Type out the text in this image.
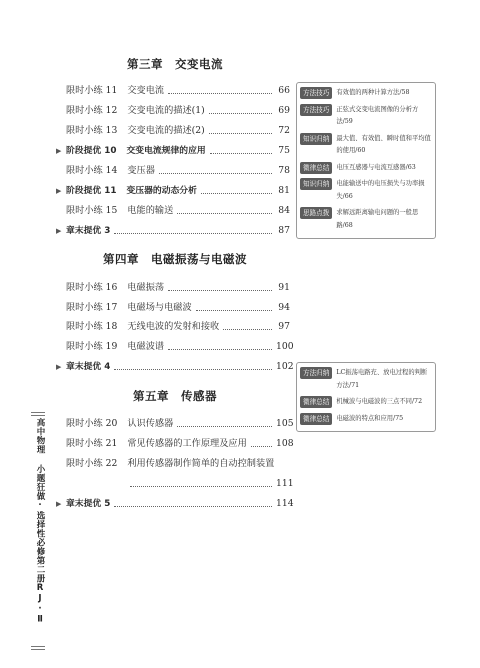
第三章　交变电流
第四章　电磁振荡与电磁波
第五章　传感器
限时小练 11 交变电流	66
限时小练 12 交变电流的描述(1)	69
限时小练 13 交变电流的描述(2)	72
▶ 阶段提优 10 交变电流规律的应用	75
限时小练 14 变压器	78
▶ 阶段提优 11 变压器的动态分析	81
限时小练 15 电能的输送	84
▶ 章末提优 3	87
限时小练 16 电磁振荡	91
限时小练 17 电磁场与电磁波	94
限时小练 18 无线电波的发射和接收	97
限时小练 19 电磁波谱	100
▶ 章末提优 4	102
限时小练 20 认识传感器	105
限时小练 21 常见传感器的工作原理及应用	108
限时小练 22 利用传感器制作简单的自动控制装置
111
▶ 章末提优 5	114
方法技巧	有效值的两种计算方法/58
方法技巧	正弦式交变电流图像的分析方法/59
知识归纳	最大值、有效值、瞬时值和平均值的使用/60
微律总结	电压互感器与电流互感器/63
知识归纳	电能输送中的电压损失与功率损失/66
思路点拨	求解远距离输电问题的一般思路/68
方法归纳	LC振荡电路充、放电过程的判断方法/71
微律总结	机械波与电磁波的三点不同/72
微律总结	电磁波的特点和应用/75
高中物理 小题狂做·选择性必修第二册RJ·Ⅱ
